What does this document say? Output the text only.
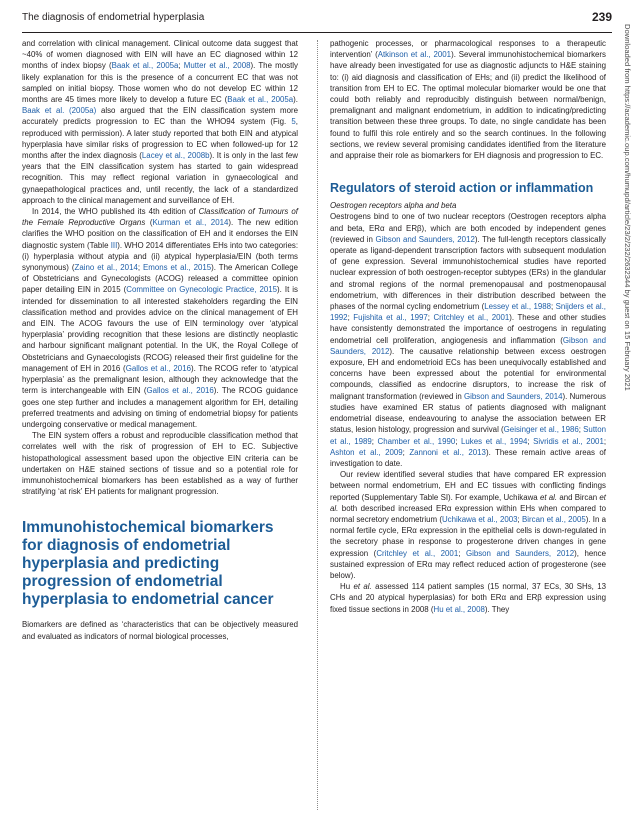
The diagnosis of endometrial hyperplasia	239

and correlation with clinical management. Clinical outcome data suggest that ~40% of women diagnosed with EIN will have an EC diagnosed within 12 months of index biopsy (Baak et al., 2005a; Mutter et al., 2008). The mostly likely explanation for this is the presence of a concurrent EC that was not sampled on initial biopsy. Those women who do not develop EC within 12 months are 45 times more likely to develop a future EC (Baak et al., 2005a). Baak et al. (2005a) also argued that the EIN classification system more accurately predicts progression to EC than the WHO94 system (Fig. 5, reproduced with permission). A later study reported that both EIN and atypical hyperplasia have similar risks of progression to EC when followed-up for 12 months after the index diagnosis (Lacey et al., 2008b). It is only in the last few years that the EIN classification system has started to gain widespread recognition. This may reflect regional variation in gynaecological and gynaepathological practices and, until recently, the lack of a standardized approach to the clinical management and surveillance of EH.

In 2014, the WHO published its 4th edition of Classification of Tumours of the Female Reproductive Organs (Kurman et al., 2014). The new edition clarifies the WHO position on the classification of EH and it endorses the EIN diagnostic system (Table III). WHO 2014 differentiates EHs into two categories: (i) hyperplasia without atypia and (ii) atypical hyperplasia/EIN (both terms synonymous) (Zaino et al., 2014; Emons et al., 2015). The American College of Obstetricians and Gynecologists (ACOG) released a committee opinion paper detailing EIN in 2015 (Committee on Gynecologic Practice, 2015). It is intended for dissemination to all interested stakeholders regarding the EIN classification method and provides advice on the clinical management of EH and EIN. The ACOG favours the use of EIN terminology over ‘atypical hyperplasia’ providing recognition that these lesions are distinctly neoplastic and harbour significant malignant potential. In the UK, the Royal College of Obstetricians and Gynaecologists (RCOG) released their first guideline for the management of EH in 2016 (Gallos et al., 2016). The RCOG refer to ‘atypical hyperplasia’ as the premalignant lesion, although they acknowledge that the term is interchangeable with EIN (Gallos et al., 2016). The RCOG guidance goes one step further and includes a management algorithm for EH, detailing preferred treatments and advising on timing of endometrial biopsy for patients undergoing conservative or medical management.

The EIN system offers a robust and reproducible classification method that correlates well with the risk of progression of EH to EC. Subjective histopathological assessment based upon the objective EIN criteria can be undertaken on H&E stained sections of tissue and so a potential role for immunohistochemical biomarkers has been established as a way of further stratifying ‘at risk’ EH patients for malignant progression.

Immunohistochemical biomarkers for diagnosis of endometrial hyperplasia and predicting progression of endometrial hyperplasia to endometrial cancer

Biomarkers are defined as ‘characteristics that can be objectively measured and evaluated as indicators of normal biological processes,

pathogenic processes, or pharmacological responses to a therapeutic intervention’ (Atkinson et al., 2001). Several immunohistochemical biomarkers have already been investigated for use as diagnostic adjuncts to H&E staining to: (i) aid diagnosis and classification of EHs; and (ii) predict the likelihood of transition from EH to EC. The optimal molecular biomarker would be one that could both reliably and reproducibly distinguish between normal/benign, premalignant and malignant endometrium, in addition to indicating/predicting transition between these three groups. To date, no single candidate has been found to fulfil this role entirely and so the search continues. In the following sections, we review several promising candidates identified from the literature and appraise their role as biomarkers for EH diagnosis and progression to EC.

Regulators of steroid action or inflammation

Oestrogen receptors alpha and beta

Oestrogens bind to one of two nuclear receptors (Oestrogen receptors alpha and beta, ERα and ERβ), which are both encoded by independent genes (reviewed in Gibson and Saunders, 2012). The full-length receptors classically operate as ligand-dependent transcription factors with subsequent modulation of gene expression. Several immunohistochemical studies have reported nuclear expression of both oestrogen-receptor subtypes (ERs) in the glandular and stromal regions of the normal premenopausal and postmenopausal endometrium, with differences in their distribution described between the phases of the normal cycling endometrium (Lessey et al., 1988; Snijders et al., 1992; Fujishita et al., 1997; Critchley et al., 2001). These and other studies have consistently demonstrated the importance of oestrogens in regulating endometrial cell proliferation, angiogenesis and inflammation (Gibson and Saunders, 2012). The causative relationship between excess oestrogen exposure, EH and endometrioid ECs has been unequivocally established and concerns have been expressed about the potential for environmental compounds, classified as endocrine disruptors, to increase the risk of malignant transformation (reviewed in Gibson and Saunders, 2014). Numerous studies have examined ER status of patients diagnosed with malignant endometrial disease, endeavouring to analyse the association between ER status, lesion histology, progression and survival (Geisinger et al., 1986; Sutton et al., 1989; Chamber et al., 1990; Lukes et al., 1994; Sivridis et al., 2001; Ashton et al., 2009; Zannoni et al., 2013). These remain active areas of investigation to date.

Our review identified several studies that have compared ER expression between normal endometrium, EH and EC tissues with conflicting findings reported (Supplementary Table SI). For example, Uchikawa et al. and Bircan et al. both described increased ERα expression within EHs when compared to normal secretory endometrium (Uchikawa et al., 2003; Bircan et al., 2005). In a normal fertile cycle, ERα expression in the epithelial cells is down-regulated in the secretory phase in response to progesterone driven changes in gene expression (Critchley et al., 2001; Gibson and Saunders, 2012), hence sustained expression of ERα may reflect reduced action of progesterone (see below).

Hu et al. assessed 114 patient samples (15 normal, 37 ECs, 30 SHs, 13 CHs and 20 atypical hyperplasias) for both ERα and ERβ expression using fixed tissue sections in 2008 (Hu et al., 2008). They

Downloaded from https://academic.oup.com/humupd/article/23/2/232/2632344 by guest on 15 February 2021
